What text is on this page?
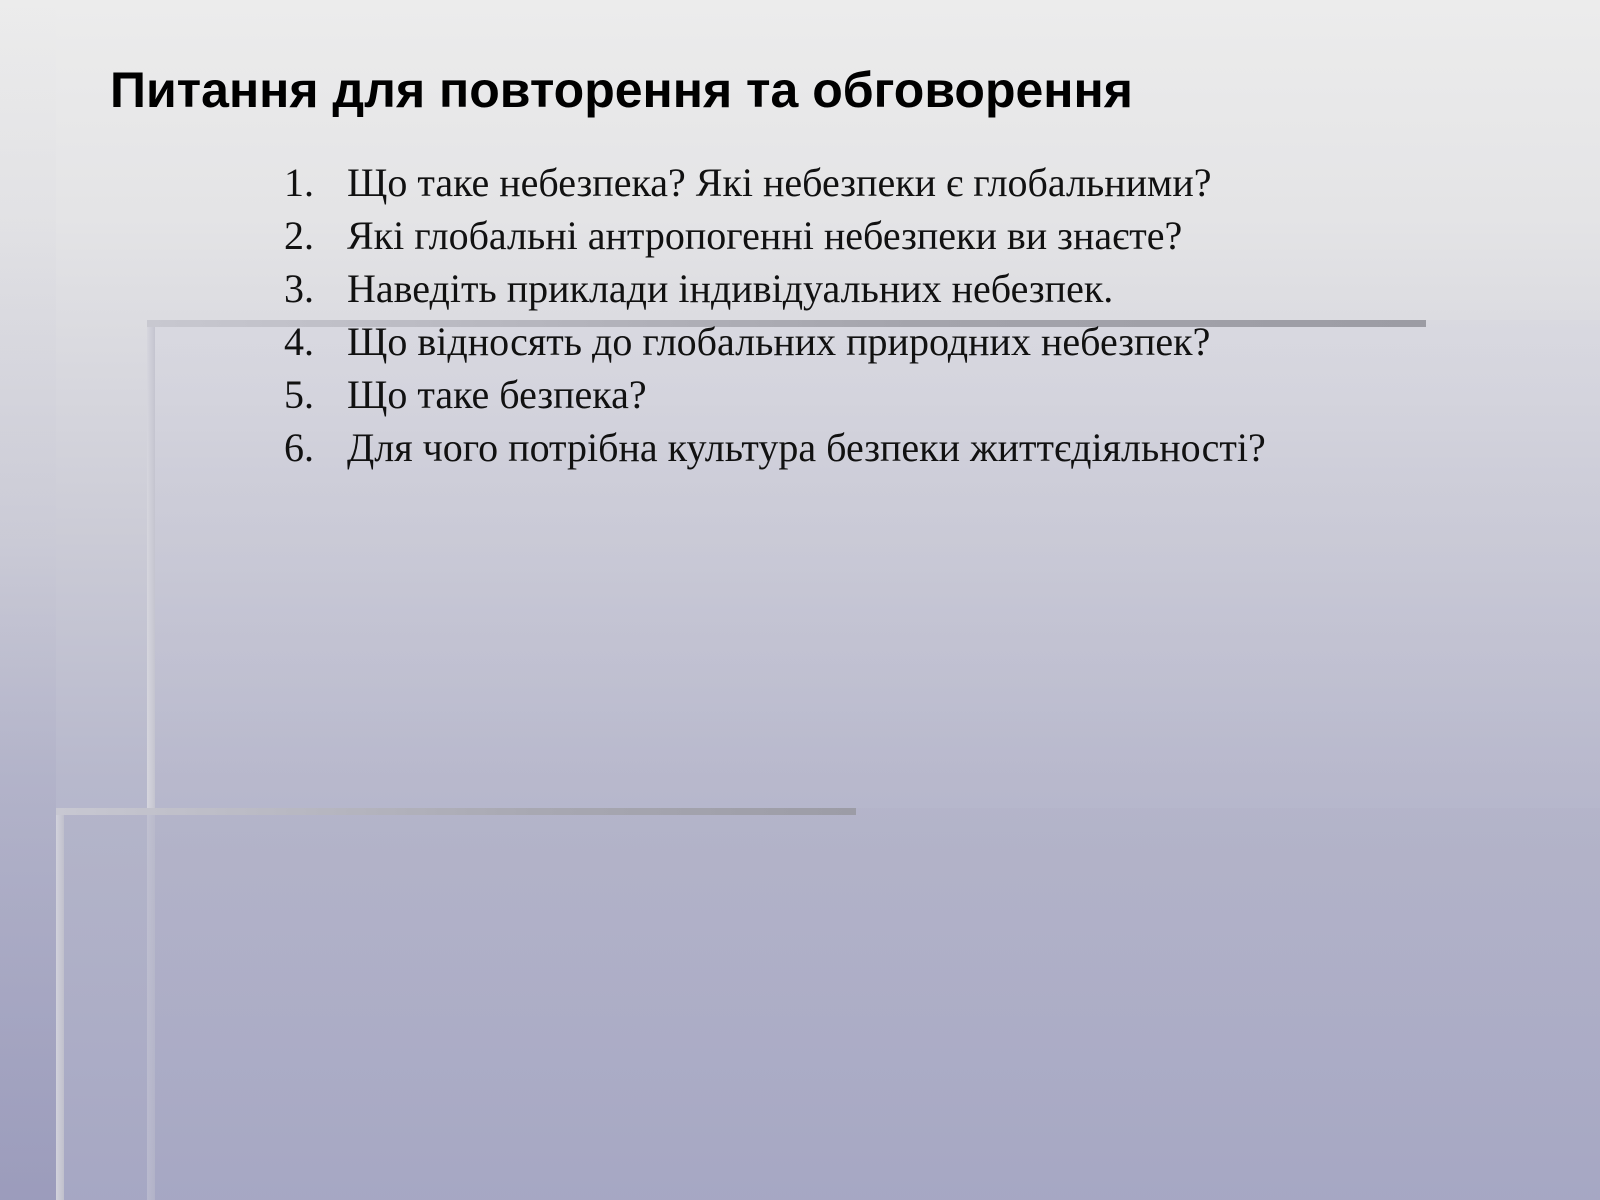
Питання для повторення та обговорення
1. Що таке небезпека? Які небезпеки є глобальними?
2. Які глобальні антропогенні небезпеки ви знаєте?
3. Наведіть приклади індивідуальних небезпек.
4. Що відносять до глобальних природних небезпек?
5. Що таке безпека?
6. Для чого потрібна культура безпеки життєдіяльності?
